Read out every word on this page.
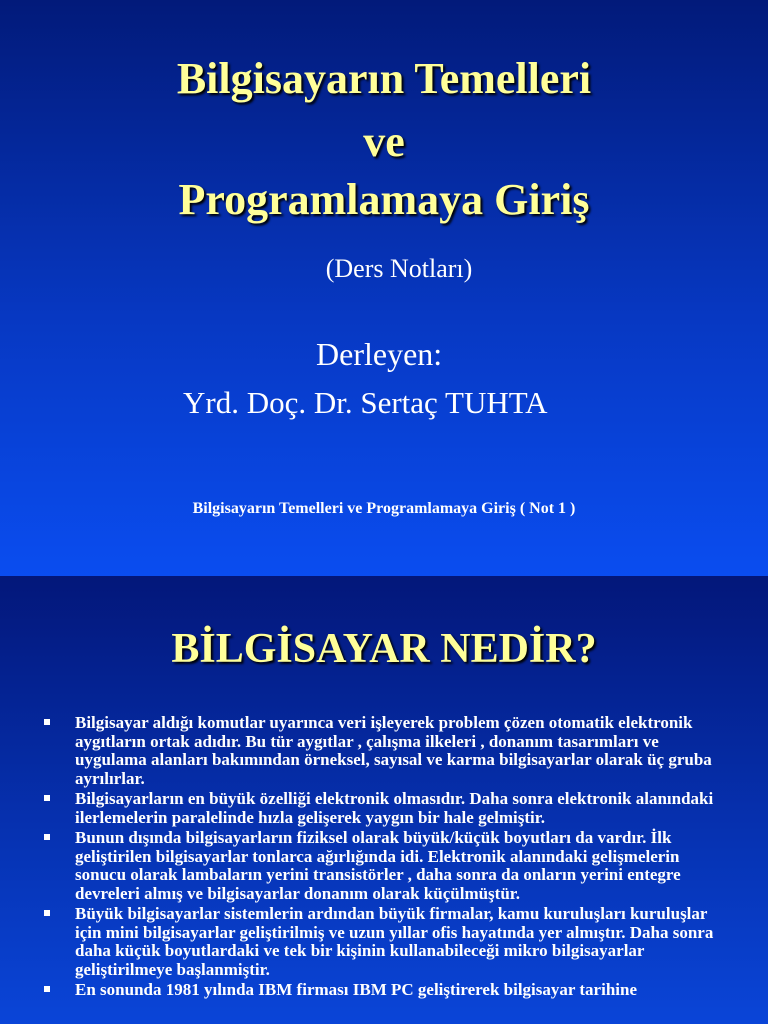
Bilgisayarın Temelleri
ve
Programlamaya Giriş
(Ders Notları)
Derleyen:
Yrd. Doç. Dr. Sertaç TUHTA
Bilgisayarın Temelleri ve Programlamaya Giriş ( Not 1 )
BİLGİSAYAR NEDİR?
Bilgisayar aldığı komutlar uyarınca veri işleyerek problem çözen otomatik elektronik aygıtların ortak adıdır. Bu tür aygıtlar , çalışma ilkeleri , donanım tasarımları ve uygulama alanları bakımından örneksel, sayısal ve karma bilgisayarlar olarak üç gruba ayrılırlar.
Bilgisayarların en büyük özelliği elektronik olmasıdır. Daha sonra elektronik alanındaki ilerlemelerin paralelinde hızla gelişerek yaygın bir hale gelmiştir.
Bunun dışında bilgisayarların fiziksel olarak büyük/küçük boyutları da vardır. İlk geliştirilen bilgisayarlar tonlarca ağırlığında idi. Elektronik alanındaki gelişmelerin sonucu olarak lambaların yerini transistörler , daha sonra da onların yerini entegre devreleri almış ve bilgisayarlar donanım olarak küçülmüştür.
Büyük bilgisayarlar sistemlerin ardından büyük firmalar, kamu kuruluşları kuruluşlar için mini bilgisayarlar geliştirilmiş ve uzun yıllar ofis hayatında yer almıştır. Daha sonra daha küçük boyutlardaki ve tek bir kişinin kullanabileceği mikro bilgisayarlar geliştirilmeye başlanmiştir.
En sonunda 1981 yılında IBM firması IBM PC geliştirerek bilgisayar tarihine
